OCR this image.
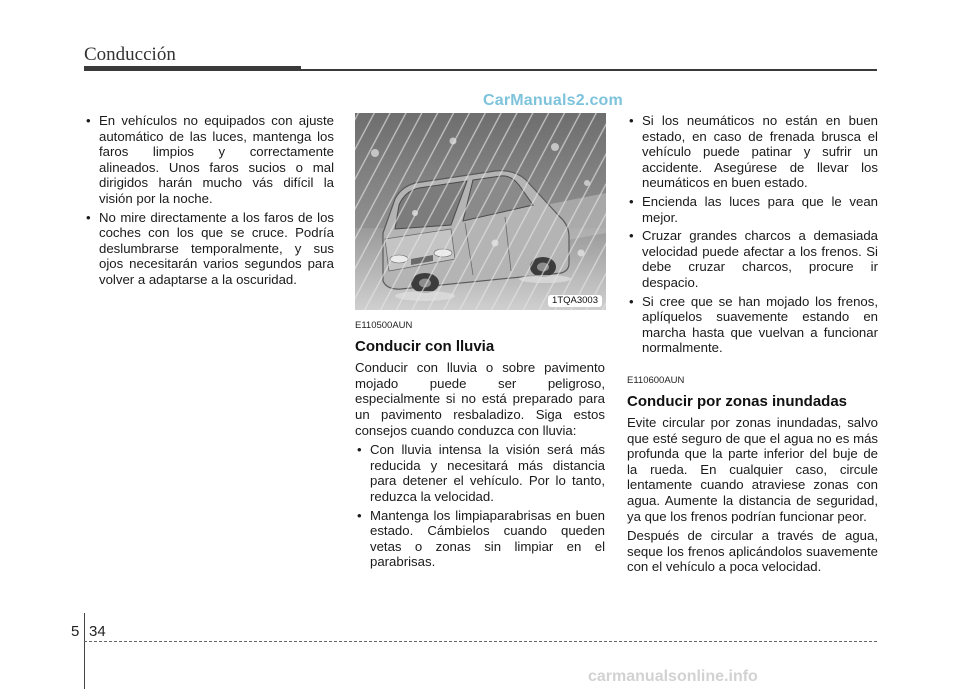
Conducción
CarManuals2.com
• En vehículos no equipados con ajuste automático de las luces, mantenga los faros limpios y correctamente alineados. Unos faros sucios o mal dirigidos harán mucho vás difícil la visión por la noche.
• No mire directamente a los faros de los coches con los que se cruce. Podría deslumbrarse temporalmente, y sus ojos necesitarán varios segundos para volver a adaptarse a la oscuridad.
1TQA3003
E110500AUN
Conducir con lluvia
Conducir con lluvia o sobre pavimento mojado puede ser peligroso, especialmente si no está preparado para un pavimento resbaladizo. Siga estos consejos cuando conduzca con lluvia:
• Con lluvia intensa la visión será más reducida y necesitará más distancia para detener el vehículo. Por lo tanto, reduzca la velocidad.
• Mantenga los limpiaparabrisas en buen estado. Cámbielos cuando queden vetas o zonas sin limpiar en el parabrisas.
• Si los neumáticos no están en buen estado, en caso de frenada brusca el vehículo puede patinar y sufrir un accidente. Asegúrese de llevar los neumáticos en buen estado.
• Encienda las luces para que le vean mejor.
• Cruzar grandes charcos a demasiada velocidad puede afectar a los frenos. Si debe cruzar charcos, procure ir despacio.
• Si cree que se han mojado los frenos, aplíquelos suavemente estando en marcha hasta que vuelvan a funcionar normalmente.
E110600AUN
Conducir por zonas inundadas
Evite circular por zonas inundadas, salvo que esté seguro de que el agua no es más profunda que la parte inferior del buje de la rueda. En cualquier caso, circule lentamente cuando atraviese zonas con agua. Aumente la distancia de seguridad, ya que los frenos podrían funcionar peor.
Después de circular a través de agua, seque los frenos aplicándolos suavemente con el vehículo a poca velocidad.
5 34
carmanualsonline.info
